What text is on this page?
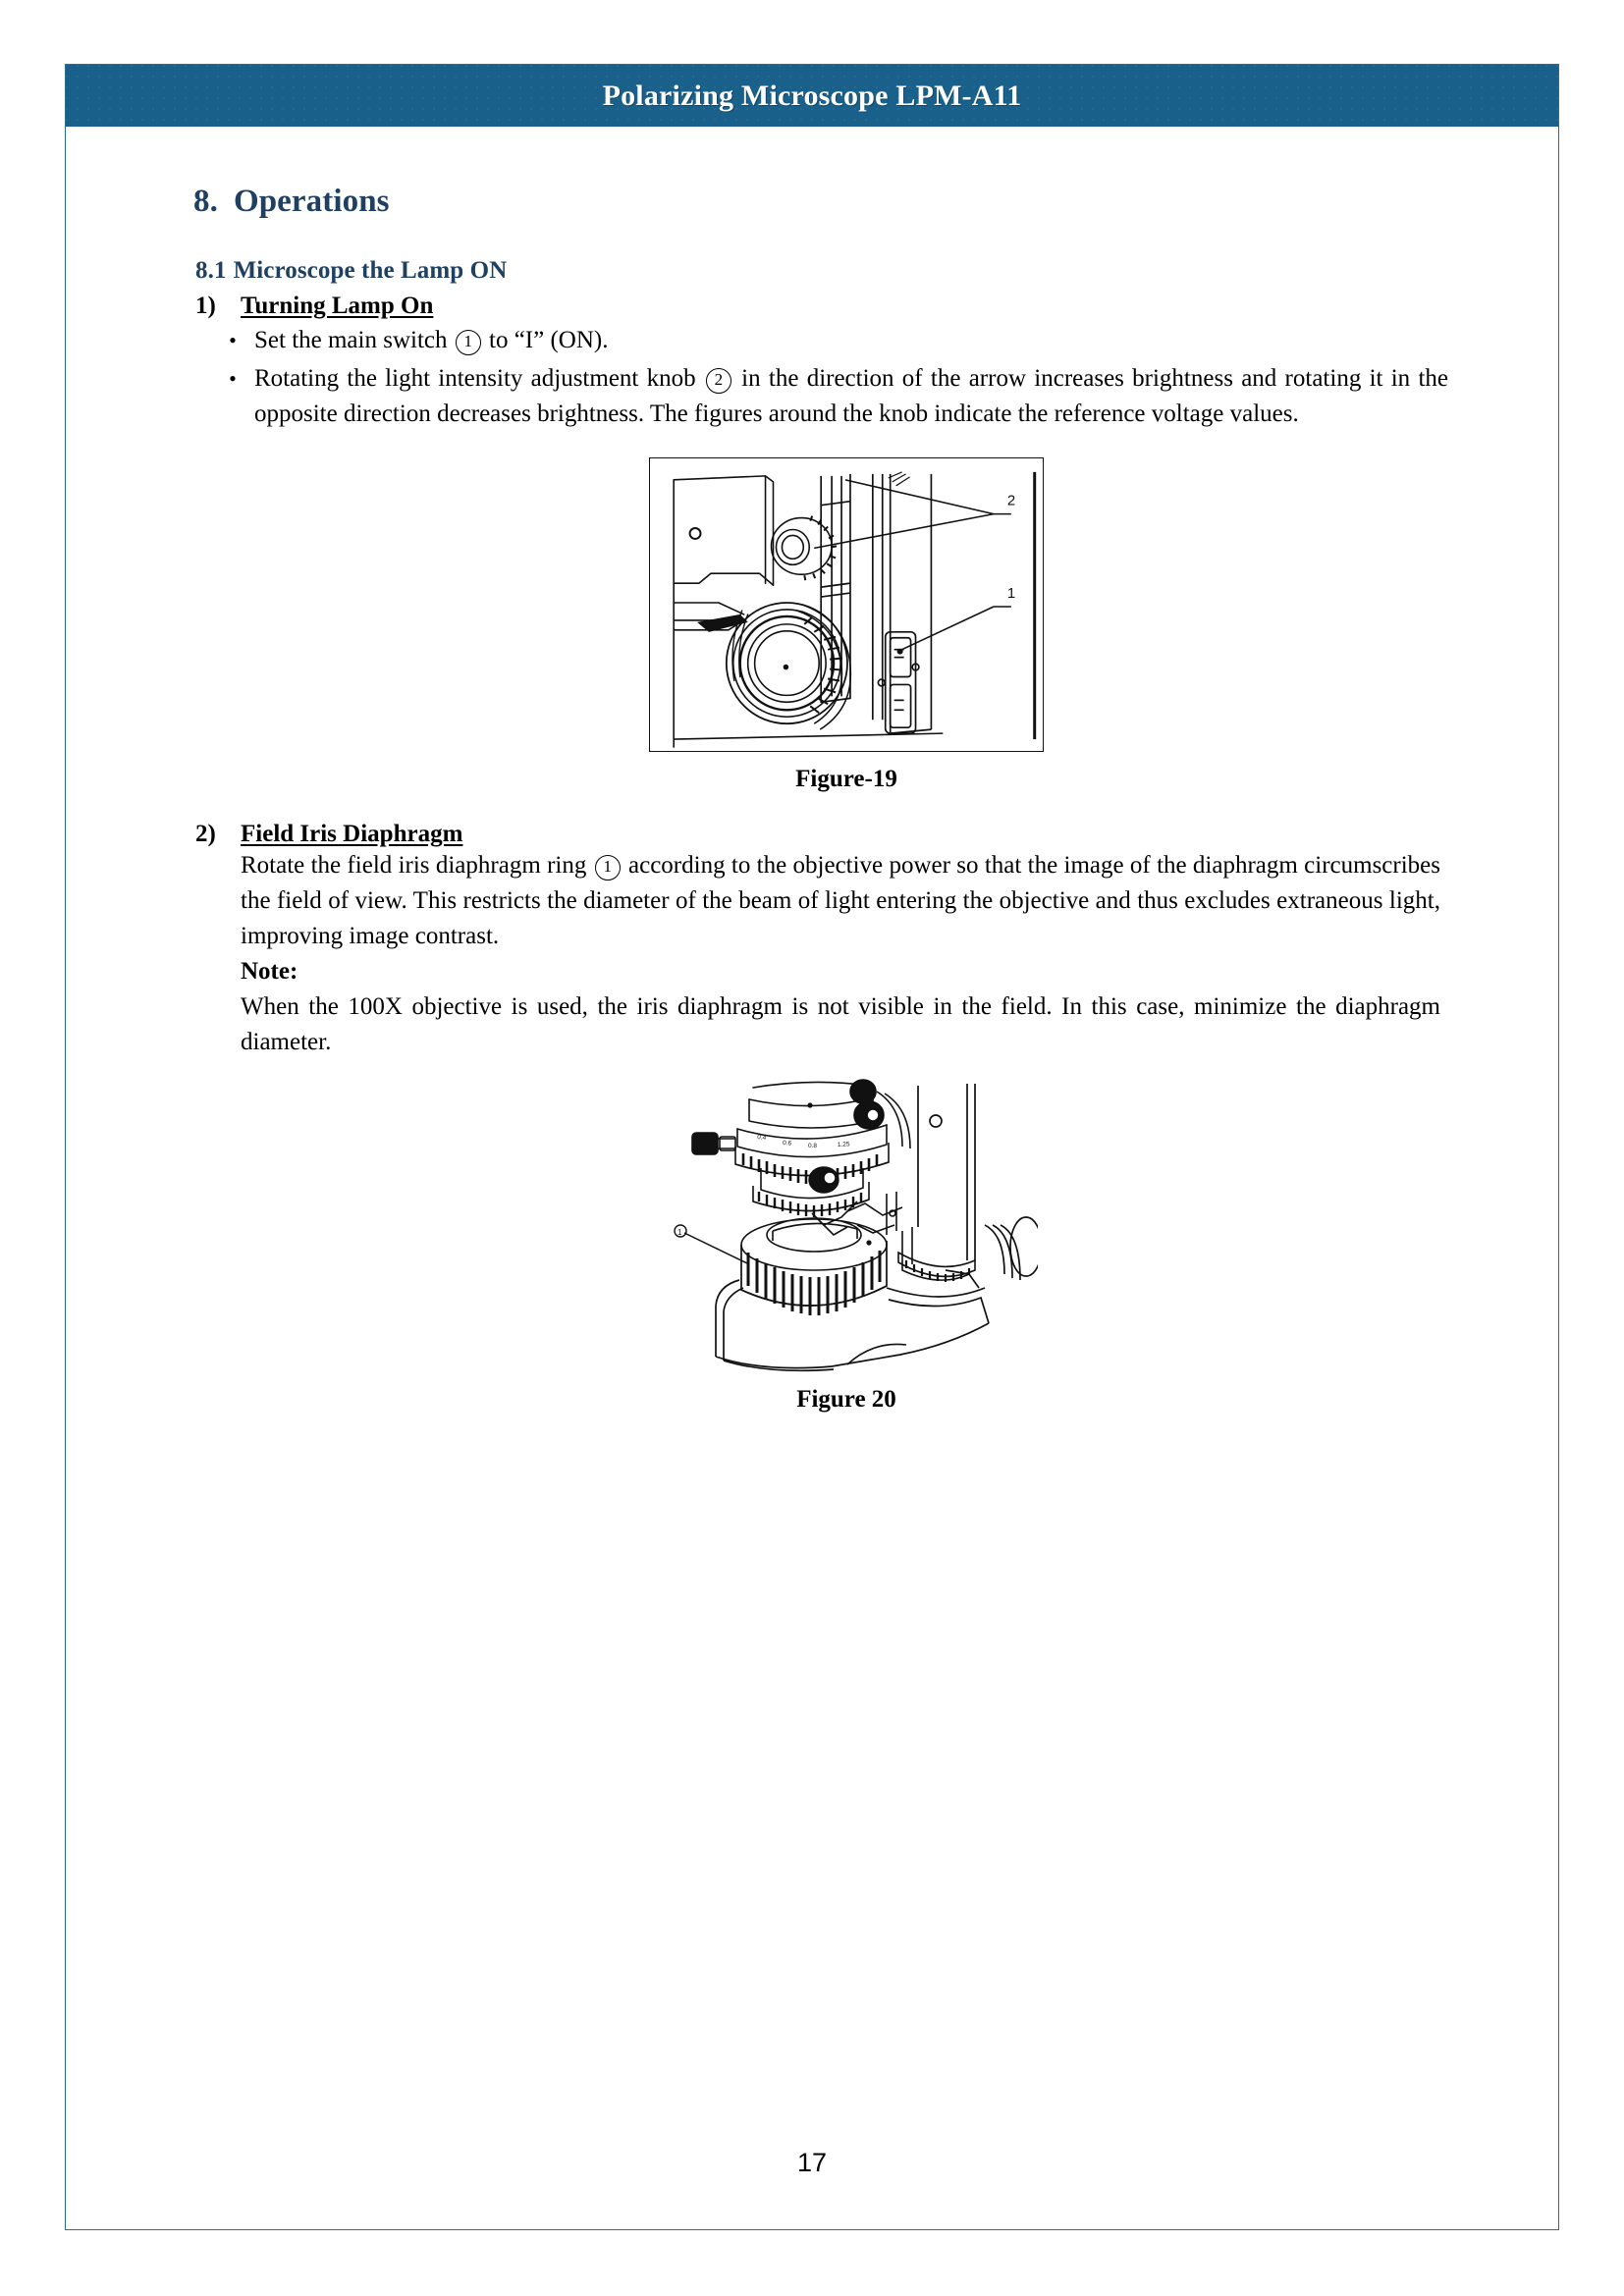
Polarizing Microscope LPM-A11
8. Operations
8.1 Microscope the Lamp ON
1)	Turning Lamp On
• Set the main switch 1 to “I” (ON).
• Rotating the light intensity adjustment knob 2 in the direction of the arrow increases brightness and rotating it in the opposite direction decreases brightness. The figures around the knob indicate the reference voltage values.
2
1
Figure-19
2)	Field Iris Diaphragm

Rotate the field iris diaphragm ring 1 according to the objective power so that the image of the diaphragm circumscribes the field of view. This restricts the diameter of the beam of light entering the objective and thus excludes extraneous light, improving image contrast.

Note:

When the 100X objective is used, the iris diaphragm is not visible in the field. In this case, minimize the diaphragm diameter.

0.4
0.6	0.8	1.25
1
Figure 20
17
